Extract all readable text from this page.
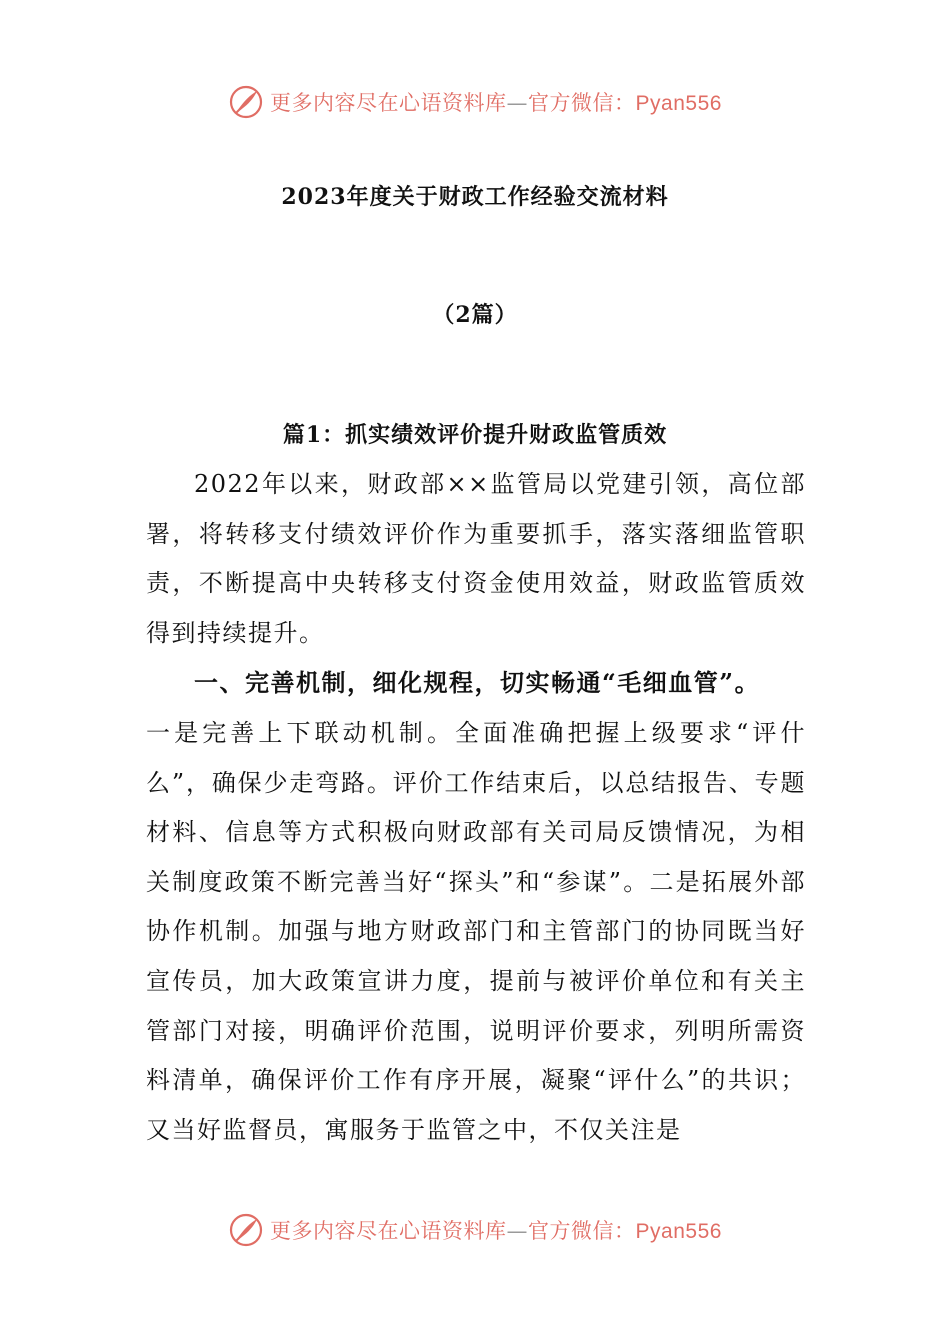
更多内容尽在心语资料库—官方微信：Pyan556
2023年度关于财政工作经验交流材料
（2篇）
篇1：抓实绩效评价提升财政监管质效

2022年以来，财政部××监管局以党建引领，高位部署，将转移支付绩效评价作为重要抓手，落实落细监管职责，不断提高中央转移支付资金使用效益，财政监管质效得到持续提升。

一、完善机制，细化规程，切实畅通“毛细血管”。

一是完善上下联动机制。全面准确把握上级要求“评什么”，确保少走弯路。评价工作结束后，以总结报告、专题材料、信息等方式积极向财政部有关司局反馈情况，为相关制度政策不断完善当好“探头”和“参谋”。二是拓展外部协作机制。加强与地方财政部门和主管部门的协同既当好宣传员，加大政策宣讲力度，提前与被评价单位和有关主管部门对接，明确评价范围，说明评价要求，列明所需资料清单，确保评价工作有序开展，凝聚“评什么”的共识；又当好监督员，寓服务于监管之中，不仅关注是

更多内容尽在心语资料库—官方微信：Pyan556
